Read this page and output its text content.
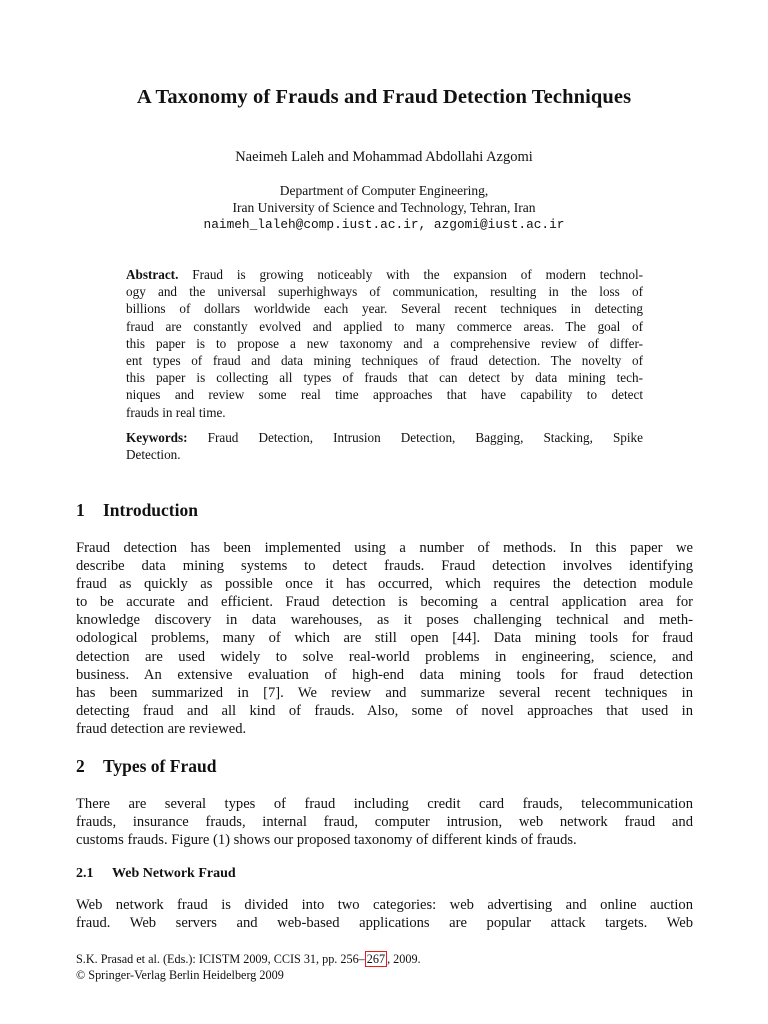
A Taxonomy of Frauds and Fraud Detection Techniques
Naeimeh Laleh and Mohammad Abdollahi Azgomi
Department of Computer Engineering,
Iran University of Science and Technology, Tehran, Iran
naimeh_laleh@comp.iust.ac.ir, azgomi@iust.ac.ir
Abstract. Fraud is growing noticeably with the expansion of modern technol-
ogy and the universal superhighways of communication, resulting in the loss of
billions of dollars worldwide each year. Several recent techniques in detecting
fraud are constantly evolved and applied to many commerce areas. The goal of
this paper is to propose a new taxonomy and a comprehensive review of differ-
ent types of fraud and data mining techniques of fraud detection. The novelty of
this paper is collecting all types of frauds that can detect by data mining tech-
niques and review some real time approaches that have capability to detect
frauds in real time.
Keywords: Fraud Detection, Intrusion Detection, Bagging, Stacking, Spike
Detection.
1 Introduction
Fraud detection has been implemented using a number of methods. In this paper we
describe data mining systems to detect frauds. Fraud detection involves identifying
fraud as quickly as possible once it has occurred, which requires the detection module
to be accurate and efficient. Fraud detection is becoming a central application area for
knowledge discovery in data warehouses, as it poses challenging technical and meth-
odological problems, many of which are still open [44]. Data mining tools for fraud
detection are used widely to solve real-world problems in engineering, science, and
business. An extensive evaluation of high-end data mining tools for fraud detection
has been summarized in [7]. We review and summarize several recent techniques in
detecting fraud and all kind of frauds. Also, some of novel approaches that used in
fraud detection are reviewed.
2 Types of Fraud
There are several types of fraud including credit card frauds, telecommunication
frauds, insurance frauds, internal fraud, computer intrusion, web network fraud and
customs frauds. Figure (1) shows our proposed taxonomy of different kinds of frauds.
2.1 Web Network Fraud
Web network fraud is divided into two categories: web advertising and online auction
fraud. Web servers and web-based applications are popular attack targets. Web
S.K. Prasad et al. (Eds.): ICISTM 2009, CCIS 31, pp. 256– 267 , 2009.
© Springer-Verlag Berlin Heidelberg 2009
